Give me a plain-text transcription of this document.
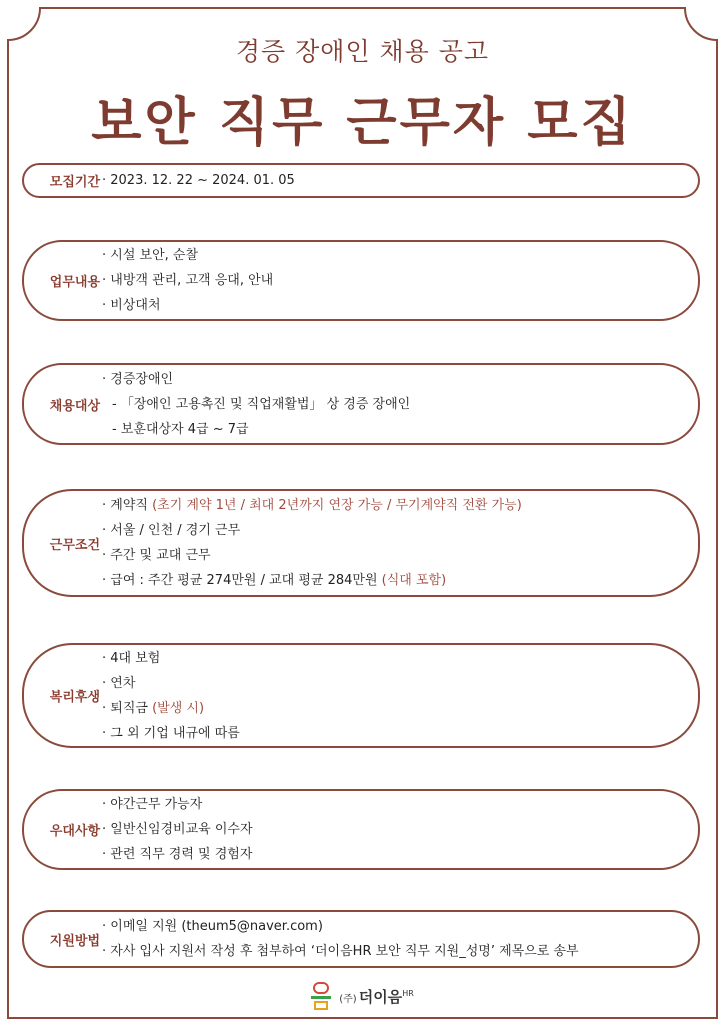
경증 장애인 채용 공고
보안 직무 근무자 모집
모집기간 · 2023. 12. 22 ~ 2024. 01. 05
업무내용
· 시설 보안, 순찰
· 내방객 관리, 고객 응대, 안내
· 비상대처
채용대상
· 경증장애인
- 「장애인 고용촉진 및 직업재활법」 상 경증 장애인
- 보훈대상자 4급 ~ 7급
근무조건
· 계약직 (초기 계약 1년 / 최대 2년까지 연장 가능 / 무기계약직 전환 가능)
· 서울 / 인천 / 경기 근무
· 주간 및 교대 근무
· 급여 : 주간 평균 274만원 / 교대 평균 284만원 (식대 포함)
복리후생
· 4대 보험
· 연차
· 퇴직금 (발생 시)
· 그 외 기업 내규에 따름
우대사항
· 야간근무 가능자
· 일반신임경비교육 이수자
· 관련 직무 경력 및 경험자
지원방법
· 이메일 지원 (theum5@naver.com)
· 자사 입사 지원서 작성 후 첨부하여 ‘더이음HR 보안 직무 지원_성명’ 제목으로 송부
(주) 더이음$^{HR}$
